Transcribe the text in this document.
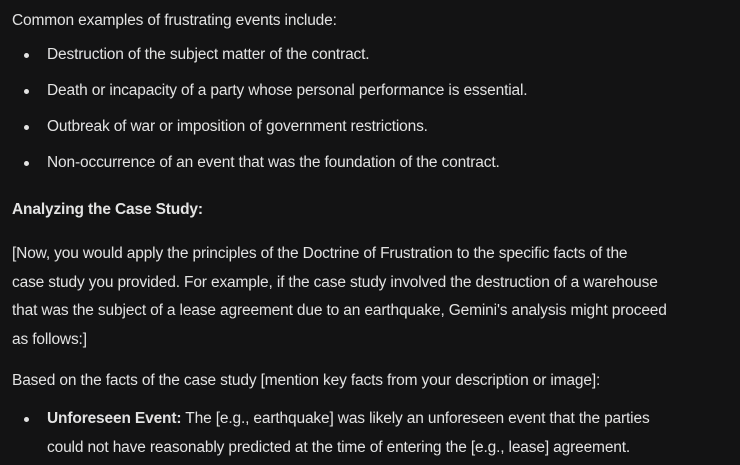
Common examples of frustrating events include:

Destruction of the subject matter of the contract.
Death or incapacity of a party whose personal performance is essential.
Outbreak of war or imposition of government restrictions.
Non-occurrence of an event that was the foundation of the contract.

Analyzing the Case Study:

[Now, you would apply the principles of the Doctrine of Frustration to the specific facts of the
case study you provided. For example, if the case study involved the destruction of a warehouse
that was the subject of a lease agreement due to an earthquake, Gemini's analysis might proceed
as follows:]

Based on the facts of the case study [mention key facts from your description or image]:

Unforeseen Event: The [e.g., earthquake] was likely an unforeseen event that the parties
could not have reasonably predicted at the time of entering the [e.g., lease] agreement.
